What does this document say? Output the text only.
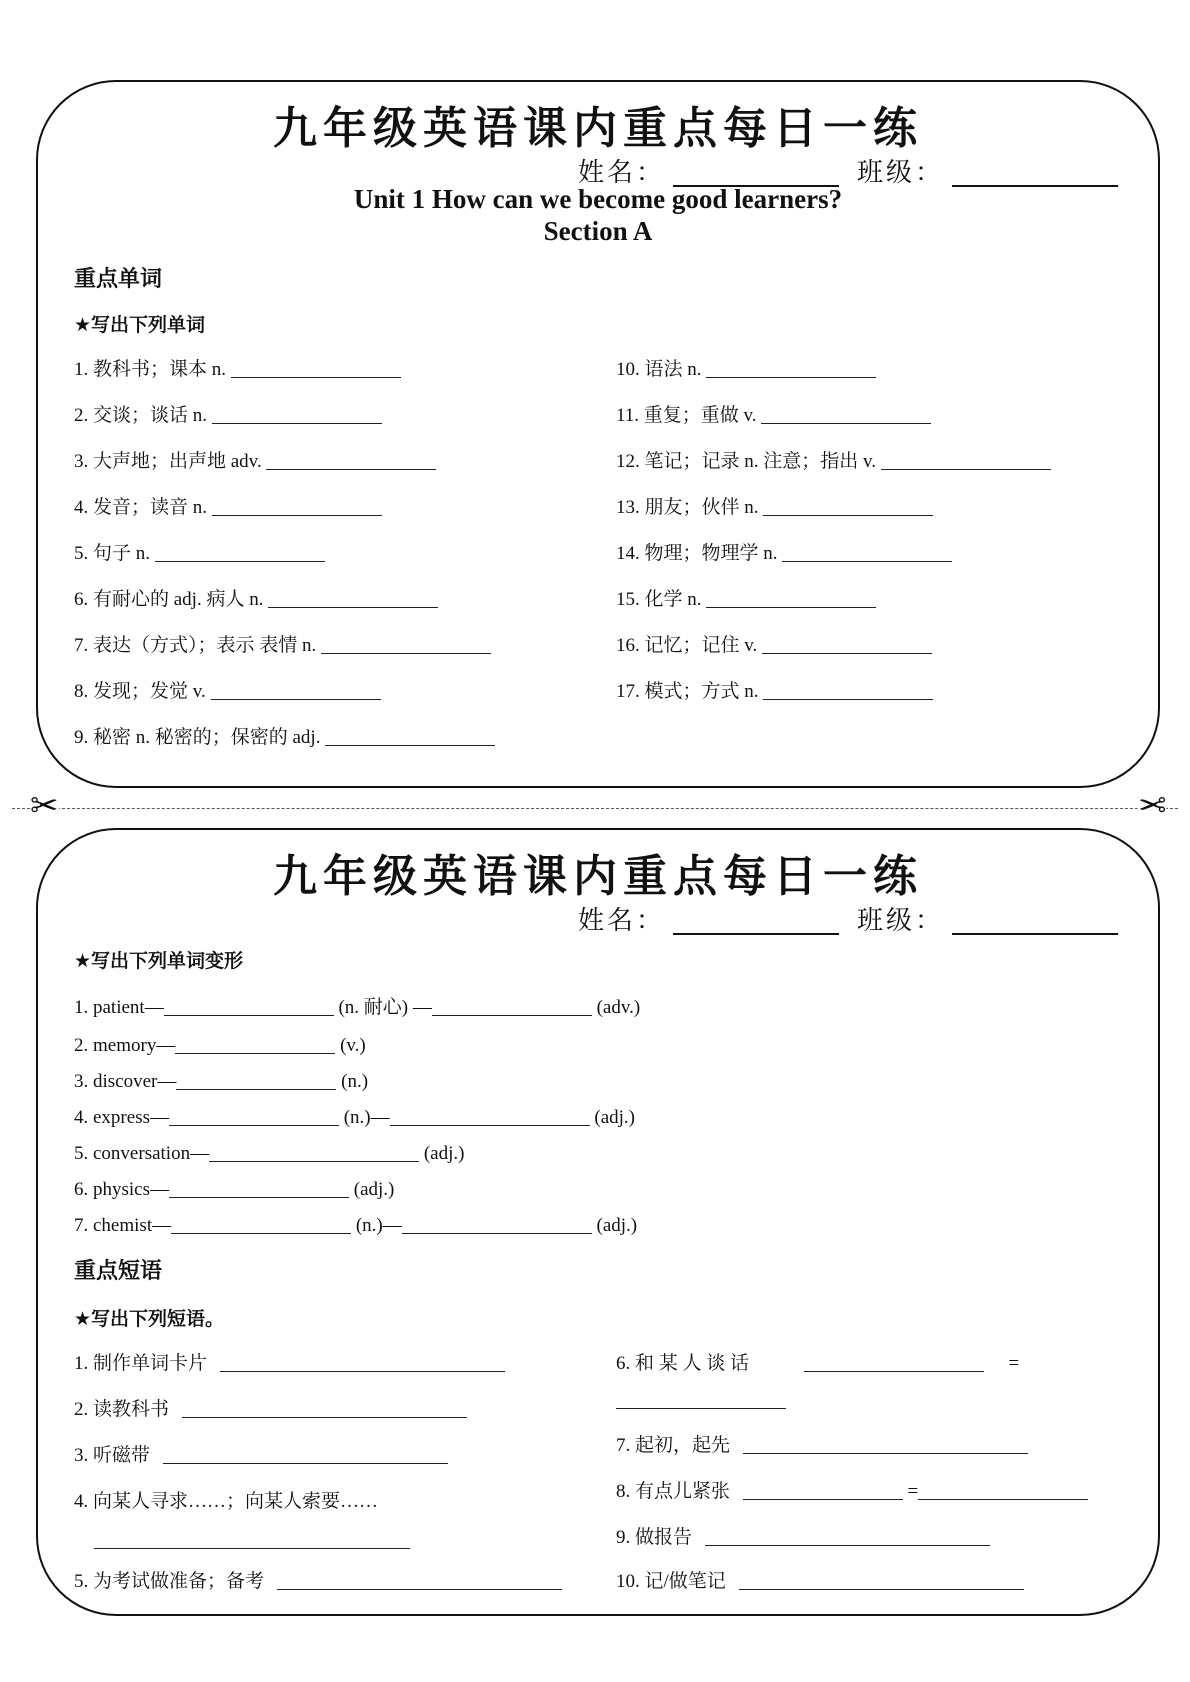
九年级英语课内重点每日一练
姓名：	班级：
Unit 1 How can we become good learners?
Section A
重点单词
★写出下列单词
1. 教科书；课本 n.
2. 交谈；谈话 n.
3. 大声地；出声地 adv.
4. 发音；读音 n.
5. 句子 n.
6. 有耐心的 adj. 病人 n.
7. 表达（方式）；表示 表情 n.
8. 发现；发觉 v.
9. 秘密 n. 秘密的；保密的 adj.
10. 语法 n.
11. 重复；重做 v.
12. 笔记；记录 n. 注意；指出 v.
13. 朋友；伙伴 n.
14. 物理；物理学 n.
15. 化学 n.
16. 记忆；记住 v.
17. 模式；方式 n.
✂	✂
九年级英语课内重点每日一练
姓名：	班级：
★写出下列单词变形
1. patient—	(n. 耐心) —	(adv.)
2. memory—	(v.)
3. discover—	(n.)
4. express—	(n.)—	(adj.)
5. conversation—	(adj.)
6. physics—	(adj.)
7. chemist—	(n.)—	(adj.)
重点短语
★写出下列短语。
1. 制作单词卡片
2. 读教科书
3. 听磁带
4. 向某人寻求……；向某人索要……
5. 为考试做准备；备考
6. 和 某 人 谈 话	=
7. 起初，起先
8. 有点儿紧张	=
9. 做报告
10. 记/做笔记
